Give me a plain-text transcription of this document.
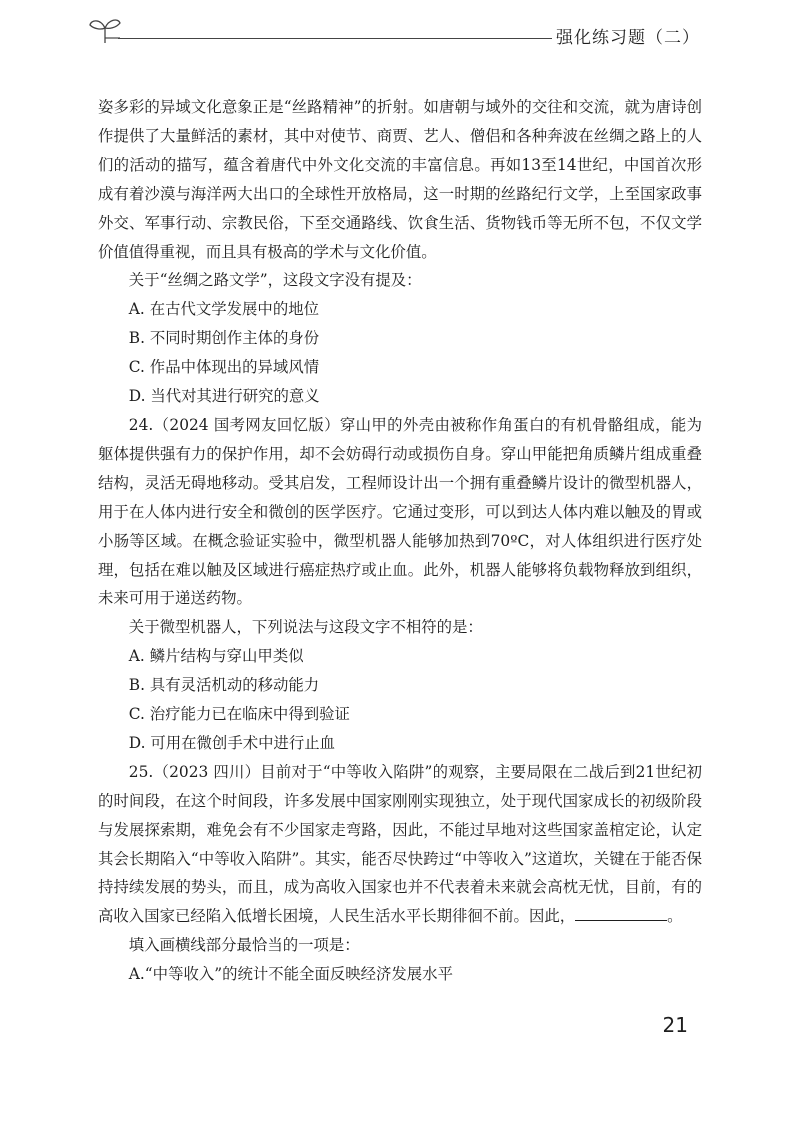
强化练习题（二）

姿多彩的异域文化意象正是“丝路精神”的折射。如唐朝与域外的交往和交流，就为唐诗创作提供了大量鲜活的素材，其中对使节、商贾、艺人、僧侣和各种奔波在丝绸之路上的人们的活动的描写，蕴含着唐代中外文化交流的丰富信息。再如13至14世纪，中国首次形成有着沙漠与海洋两大出口的全球性开放格局，这一时期的丝路纪行文学，上至国家政事外交、军事行动、宗教民俗，下至交通路线、饮食生活、货物钱币等无所不包，不仅文学价值值得重视，而且具有极高的学术与文化价值。

关于“丝绸之路文学”，这段文字没有提及：

A. 在古代文学发展中的地位

B. 不同时期创作主体的身份

C. 作品中体现出的异域风情

D. 当代对其进行研究的意义

24.（2024 国考网友回忆版）穿山甲的外壳由被称作角蛋白的有机骨骼组成，能为躯体提供强有力的保护作用，却不会妨碍行动或损伤自身。穿山甲能把角质鳞片组成重叠结构，灵活无碍地移动。受其启发，工程师设计出一个拥有重叠鳞片设计的微型机器人，用于在人体内进行安全和微创的医学医疗。它通过变形，可以到达人体内难以触及的胃或小肠等区域。在概念验证实验中，微型机器人能够加热到70ºC，对人体组织进行医疗处理，包括在难以触及区域进行癌症热疗或止血。此外，机器人能够将负载物释放到组织，未来可用于递送药物。

关于微型机器人，下列说法与这段文字不相符的是：

A. 鳞片结构与穿山甲类似

B. 具有灵活机动的移动能力

C. 治疗能力已在临床中得到验证

D. 可用在微创手术中进行止血

25.（2023 四川）目前对于“中等收入陷阱”的观察，主要局限在二战后到21世纪初的时间段，在这个时间段，许多发展中国家刚刚实现独立，处于现代国家成长的初级阶段与发展探索期，难免会有不少国家走弯路，因此，不能过早地对这些国家盖棺定论，认定其会长期陷入“中等收入陷阱”。其实，能否尽快跨过“中等收入”这道坎，关键在于能否保持持续发展的势头，而且，成为高收入国家也并不代表着未来就会高枕无忧，目前，有的高收入国家已经陷入低增长困境，人民生活水平长期徘徊不前。因此，	。

填入画横线部分最恰当的一项是：

A.“中等收入”的统计不能全面反映经济发展水平

21
